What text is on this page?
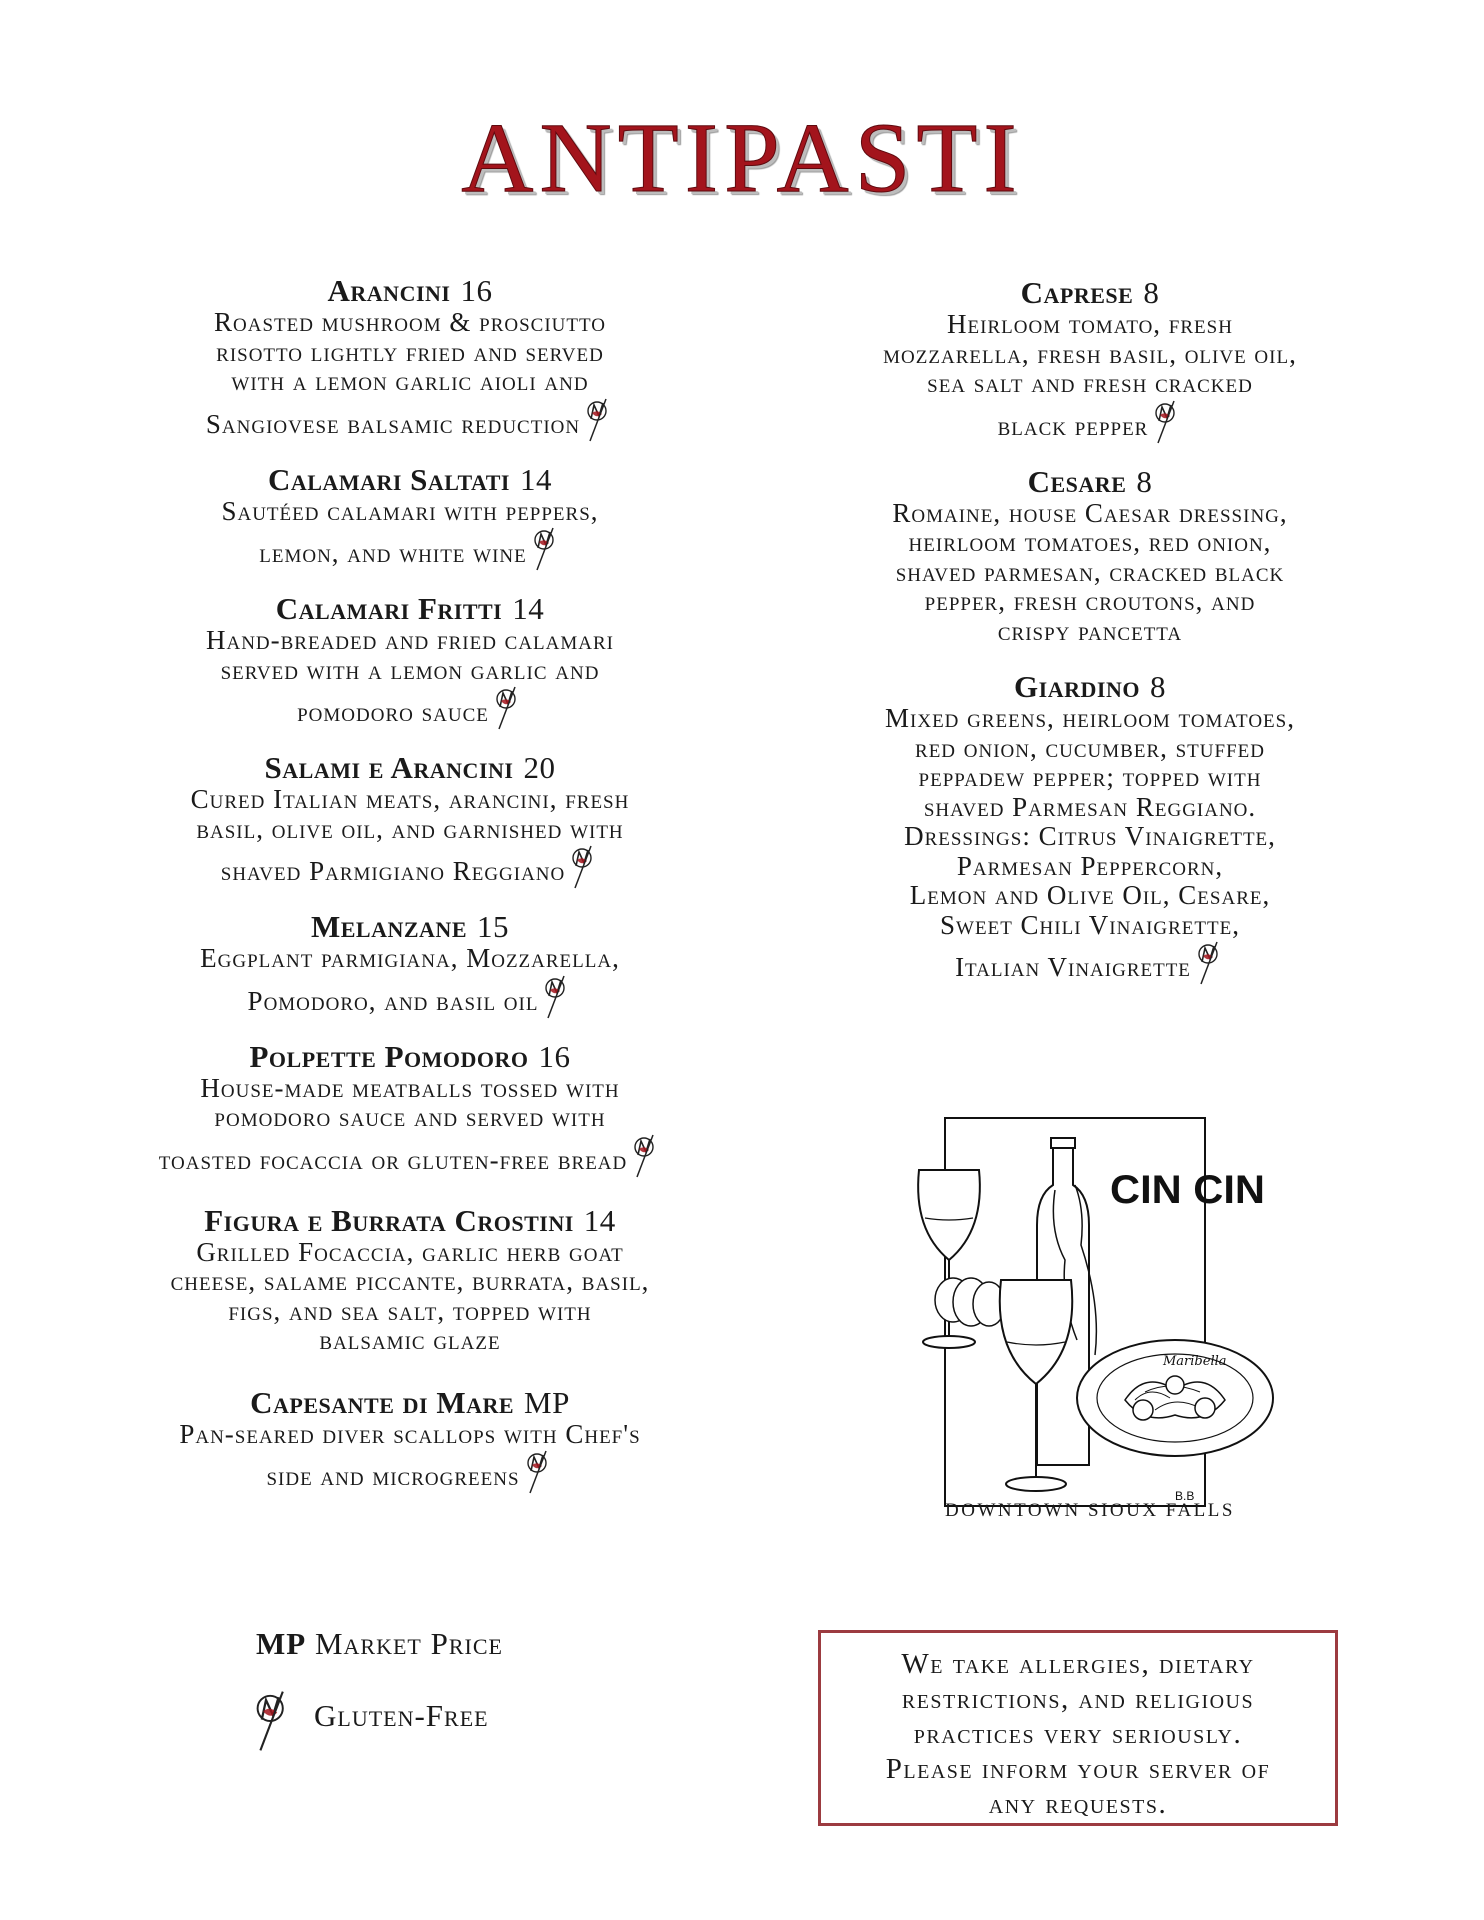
ANTIPASTI
Arancini 16
Roasted mushroom & prosciutto
risotto lightly fried and served
with a lemon garlic aioli and
Sangiovese balsamic reduction
Calamari Saltati 14
Sautéed calamari with peppers,
lemon, and white wine
Calamari Fritti 14
Hand-breaded and fried calamari
served with a lemon garlic and
pomodoro sauce
Salami e Arancini 20
Cured Italian meats, arancini, fresh
basil, olive oil, and garnished with
shaved Parmigiano Reggiano
Melanzane 15
Eggplant parmigiana, Mozzarella,
Pomodoro, and basil oil
Polpette Pomodoro 16
House-made meatballs tossed with
pomodoro sauce and served with
toasted focaccia or gluten-free bread
Figura e Burrata Crostini 14
Grilled Focaccia, garlic herb goat
cheese, salame piccante, burrata, basil,
figs, and sea salt, topped with
balsamic glaze
Capesante di Mare MP
Pan-seared diver scallops with Chef's
side and microgreens
Caprese 8
Heirloom tomato, fresh
mozzarella, fresh basil, olive oil,
sea salt and fresh cracked
black pepper
Cesare 8
Romaine, house Caesar dressing,
heirloom tomatoes, red onion,
shaved parmesan, cracked black
pepper, fresh croutons, and
crispy pancetta
Giardino 8
Mixed greens, heirloom tomatoes,
red onion, cucumber, stuffed
peppadew pepper; topped with
shaved Parmesan Reggiano.
Dressings: Citrus Vinaigrette,
Parmesan Peppercorn,
Lemon and Olive Oil, Cesare,
Sweet Chili Vinaigrette,
Italian Vinaigrette
Maribella
CIN CIN
B.B
DOWNTOWN SIOUX FALLS
MP Market Price
Gluten-Free
We take allergies, dietary
restrictions, and religious
practices very seriously.
Please inform your server of
any requests.
